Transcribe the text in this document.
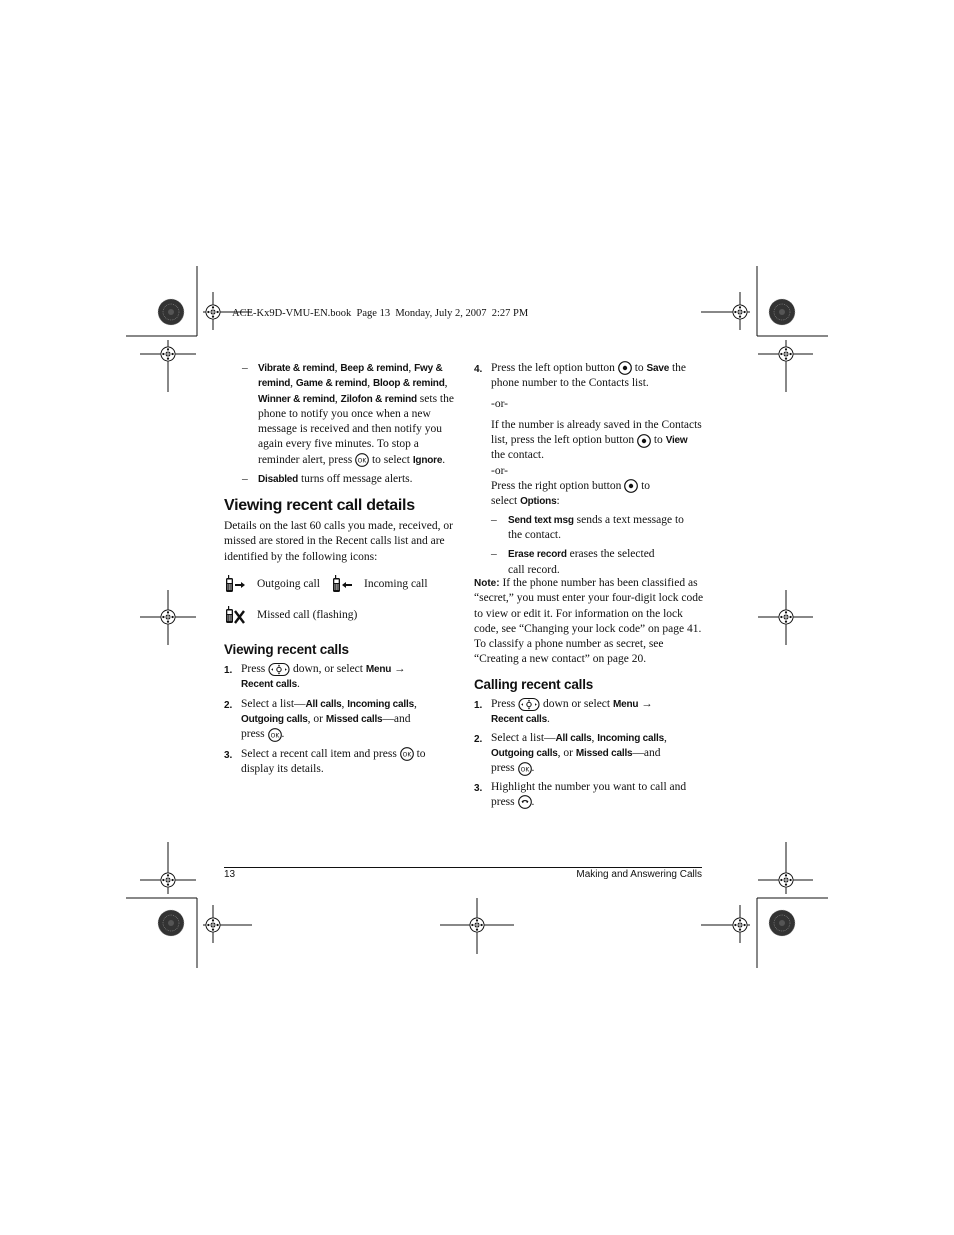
ACE-Kx9D-VMU-EN.book  Page 13  Monday, July 2, 2007  2:27 PM
– Vibrate & remind, Beep & remind, Fwy &
remind, Game & remind, Bloop & remind,
Winner & remind, Zilofon & remind sets the
phone to notify you once when a new
message is received and then notify you
again every five minutes. To stop a
reminder alert, press to select Ignore.
– Disabled turns off message alerts.
Viewing recent call details
Details on the last 60 calls you made, received, or
missed are stored in the Recent calls list and are
identified by the following icons:
Outgoing call	Incoming call
Missed call (flashing)
Viewing recent calls
1. Press down, or select Menu →
Recent calls.
2. Select a list—All calls, Incoming calls,
Outgoing calls, or Missed calls—and
press .
3. Select a recent call item and press to
display its details.
4. Press the left option button to Save the
phone number to the Contacts list.
-or-
If the number is already saved in the Contacts
list, press the left option button to View
the contact.
-or-
Press the right option button to
select Options:
– Send text msg sends a text message to
the contact.
– Erase record erases the selected
call record.
Note: If the phone number has been classified as
“secret,” you must enter your four-digit lock code
to view or edit it. For information on the lock
code, see “Changing your lock code” on page 41.
To classify a phone number as secret, see
“Creating a new contact” on page 20.
Calling recent calls
1. Press down or select Menu →
Recent calls.
2. Select a list—All calls, Incoming calls,
Outgoing calls, or Missed calls—and
press .
3. Highlight the number you want to call and
press .
13	Making and Answering Calls
